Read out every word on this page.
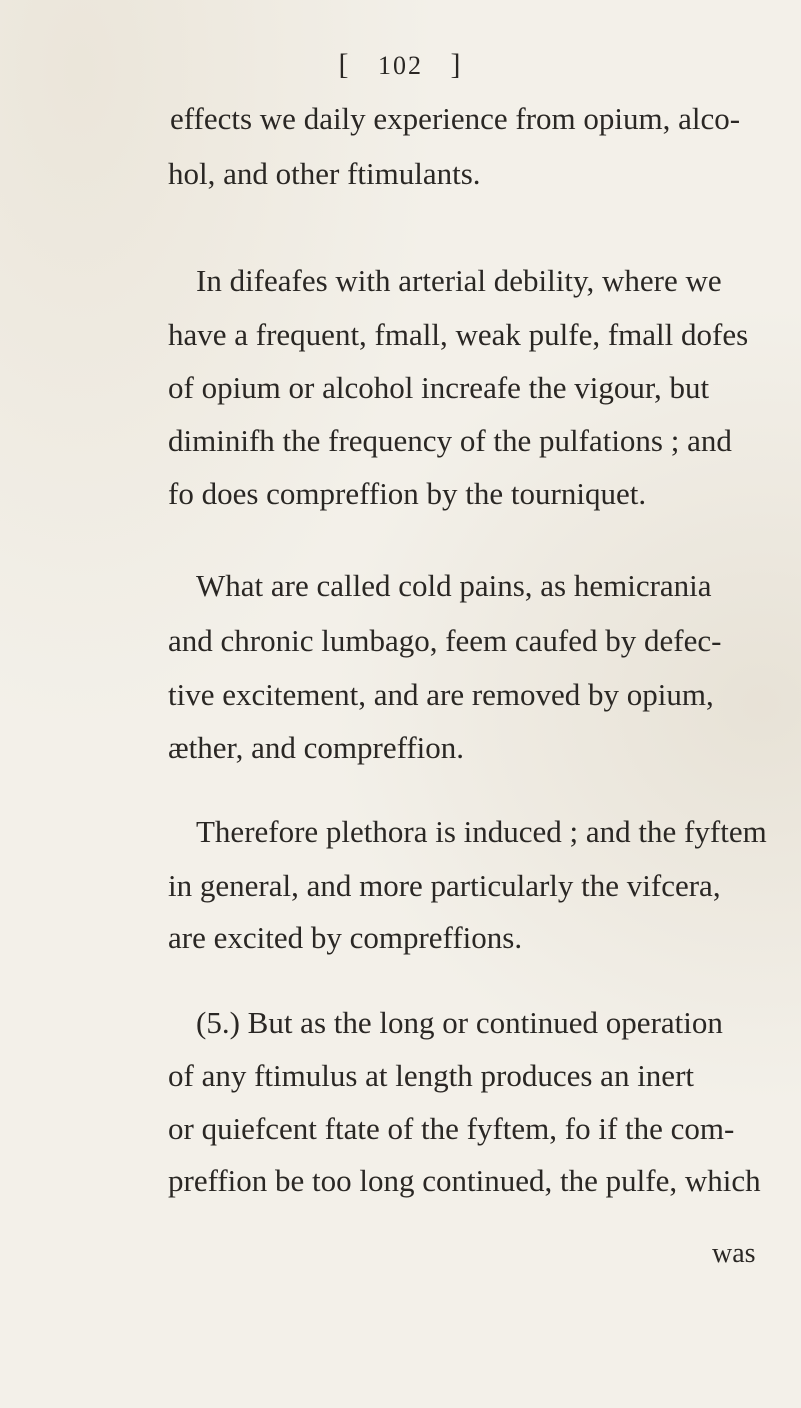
[ 102 ]
effects we daily experience from opium, alco-
hol, and other ftimulants.
In difeafes with arterial debility, where we
have a frequent, fmall, weak pulfe, fmall dofes
of opium or alcohol increafe the vigour, but
diminifh the frequency of the pulfations ; and
fo does compreffion by the tourniquet.
What are called cold pains, as hemicrania
and chronic lumbago, feem caufed by defec-
tive excitement, and are removed by opium,
æther, and compreffion.
Therefore plethora is induced ; and the fyftem
in general, and more particularly the vifcera,
are excited by compreffions.
(5.) But as the long or continued operation
of any ftimulus at length produces an inert
or quiefcent ftate of the fyftem, fo if the com-
preffion be too long continued, the pulfe, which
was
